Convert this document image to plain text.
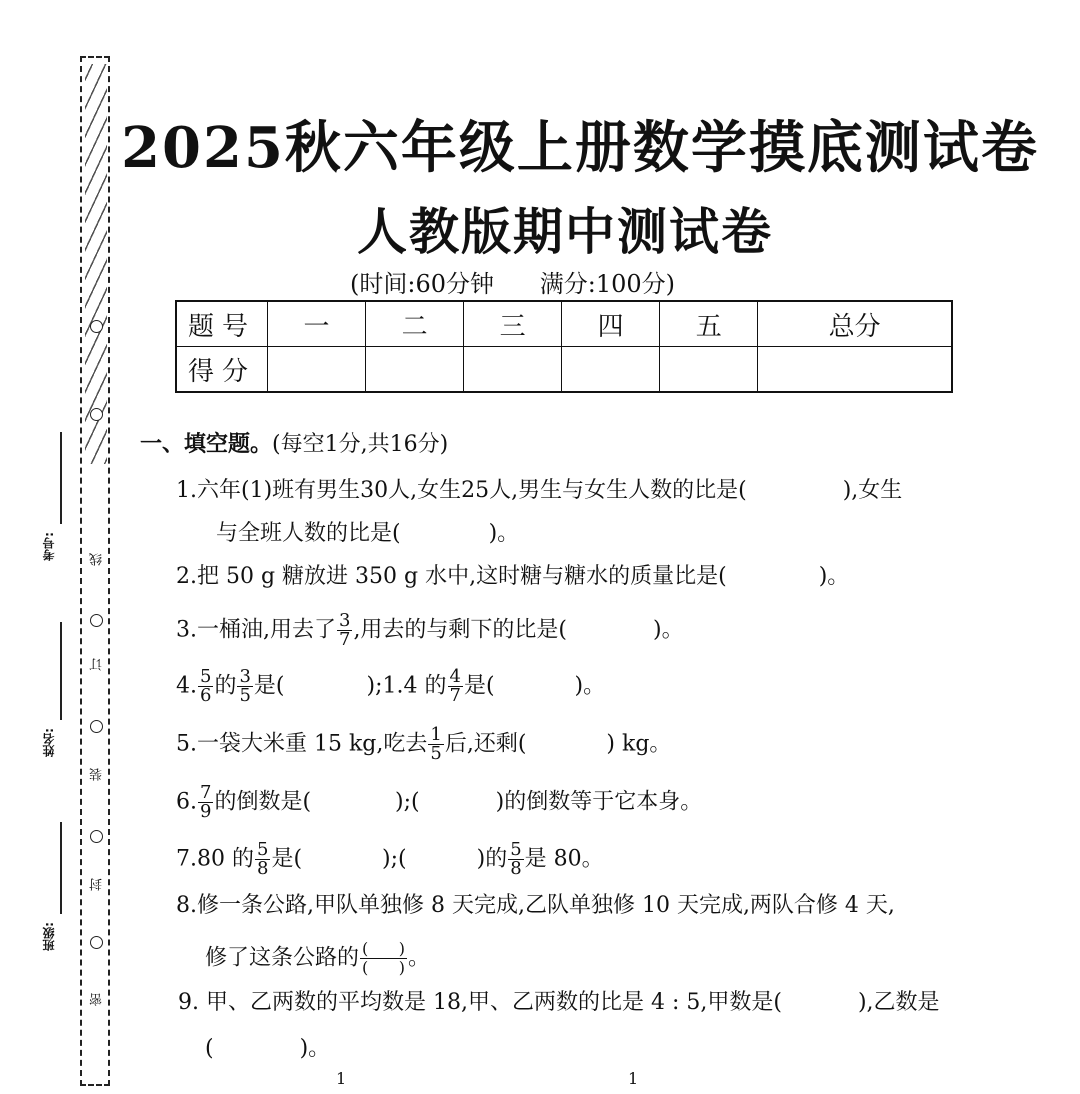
线
订
装
封
密
考号:
姓名:
班级:
2025秋六年级上册数学摸底测试卷
人教版期中测试卷
(时间:60分钟 满分:100分)
题号	一	二	三	四	五	总分
得分						
一、填空题。(每空1分,共16分)
1.六年(1)班有男生30人,女生25人,男生与女生人数的比是(	),女生
与全班人数的比是(	)。
2.把 50 g 糖放进 350 g 水中,这时糖与糖水的质量比是(	)。
3.一桶油,用去了 $\frac{3}{7}$ ,用去的与剩下的比是(	)。
4. $\frac{5}{6}$ 的 $\frac{3}{5}$ 是(	);1.4 的 $\frac{4}{7}$ 是(	)。
5.一袋大米重 15 kg,吃去 $\frac{1}{5}$ 后,还剩(	) kg。
6. $\frac{7}{9}$ 的倒数是(	);(	)的倒数等于它本身。
7.80 的 $\frac{5}{8}$ 是(	);(	)的 $\frac{5}{8}$ 是 80。
8.修一条公路,甲队单独修 8 天完成,乙队单独修 10 天完成,两队合修 4 天,
修了这条公路的 $\frac{( )}{( )}$ 。
9. 甲、乙两数的平均数是 18,甲、乙两数的比是 4 : 5,甲数是(	),乙数是
(	)。
1	1
